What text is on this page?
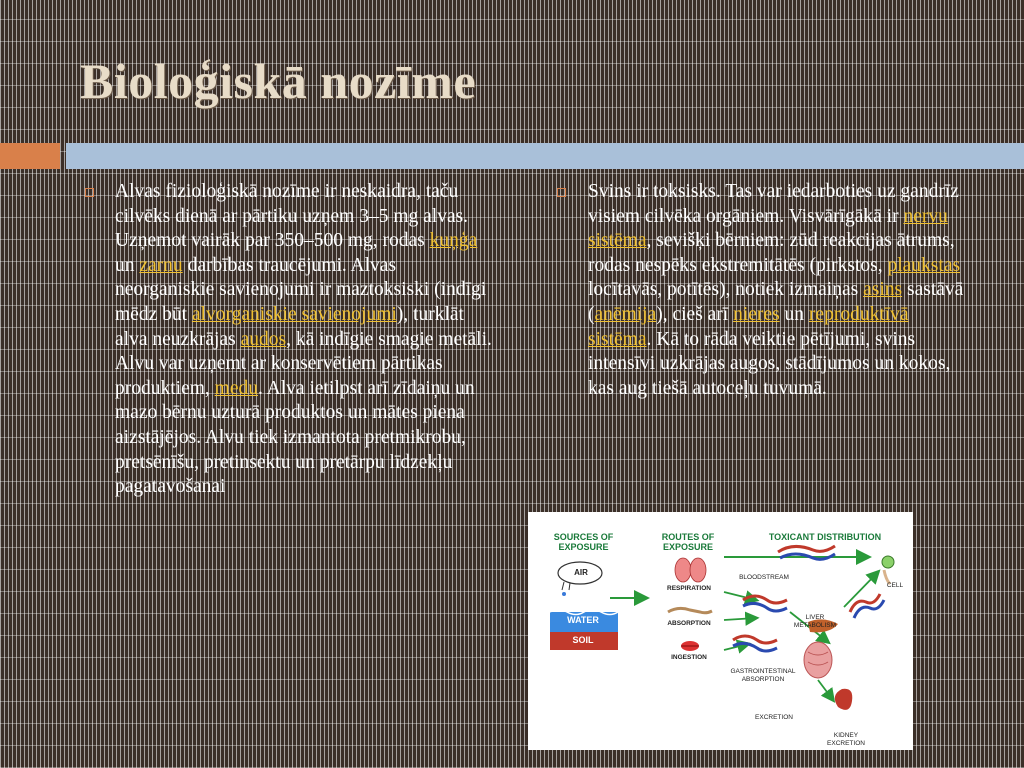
Bioloģiskā nozīme

Alvas fizioloģiskā nozīme ir neskaidra, taču cilvēks dienā ar pārtiku uzņem 3–5 mg alvas. Uzņemot vairāk par 350–500 mg, rodas kuņģa un zarnu darbības traucējumi. Alvas neorganiskie savienojumi ir maztoksiski (indīgi mēdz būt alvorganiskie savienojumi), turklāt alva neuzkrājas audos, kā indīgie smagie metāli. Alvu var uzņemt ar konservētiem pārtikas produktiem, medu. Alva ietilpst arī zīdaiņu un mazo bērnu uzturā produktos un mātes piena aizstājējos. Alvu tiek izmantota pretmikrobu, pretsēnīšu, pretinsektu un pretārpu līdzekļu pagatavošanai

Svins ir toksisks. Tas var iedarboties uz gandrīz visiem cilvēka orgāniem. Visvārīgākā ir nervu sistēma, sevišķi bērniem: zūd reakcijas ātrums, rodas nespēks ekstremitātēs (pirkstos, plaukstas locītavās, potītēs), notiek izmaiņas asins sastāvā (anēmija), cieš arī nieres un reproduktīvā sistēma. Kā to rāda veiktie pētījumi, svins intensīvi uzkrājas augos, stādījumos un kokos, kas aug tiešā autoceļu tuvumā.

SOURCES OF EXPOSURE
ROUTES OF EXPOSURE
TOXICANT DISTRIBUTION
AIR
WATER
SOIL
RESPIRATION
ABSORPTION
INGESTION
BLOODSTREAM
CELL
LIVER METABOLISM
GASTROINTESTINAL ABSORPTION
EXCRETION
KIDNEY EXCRETION
